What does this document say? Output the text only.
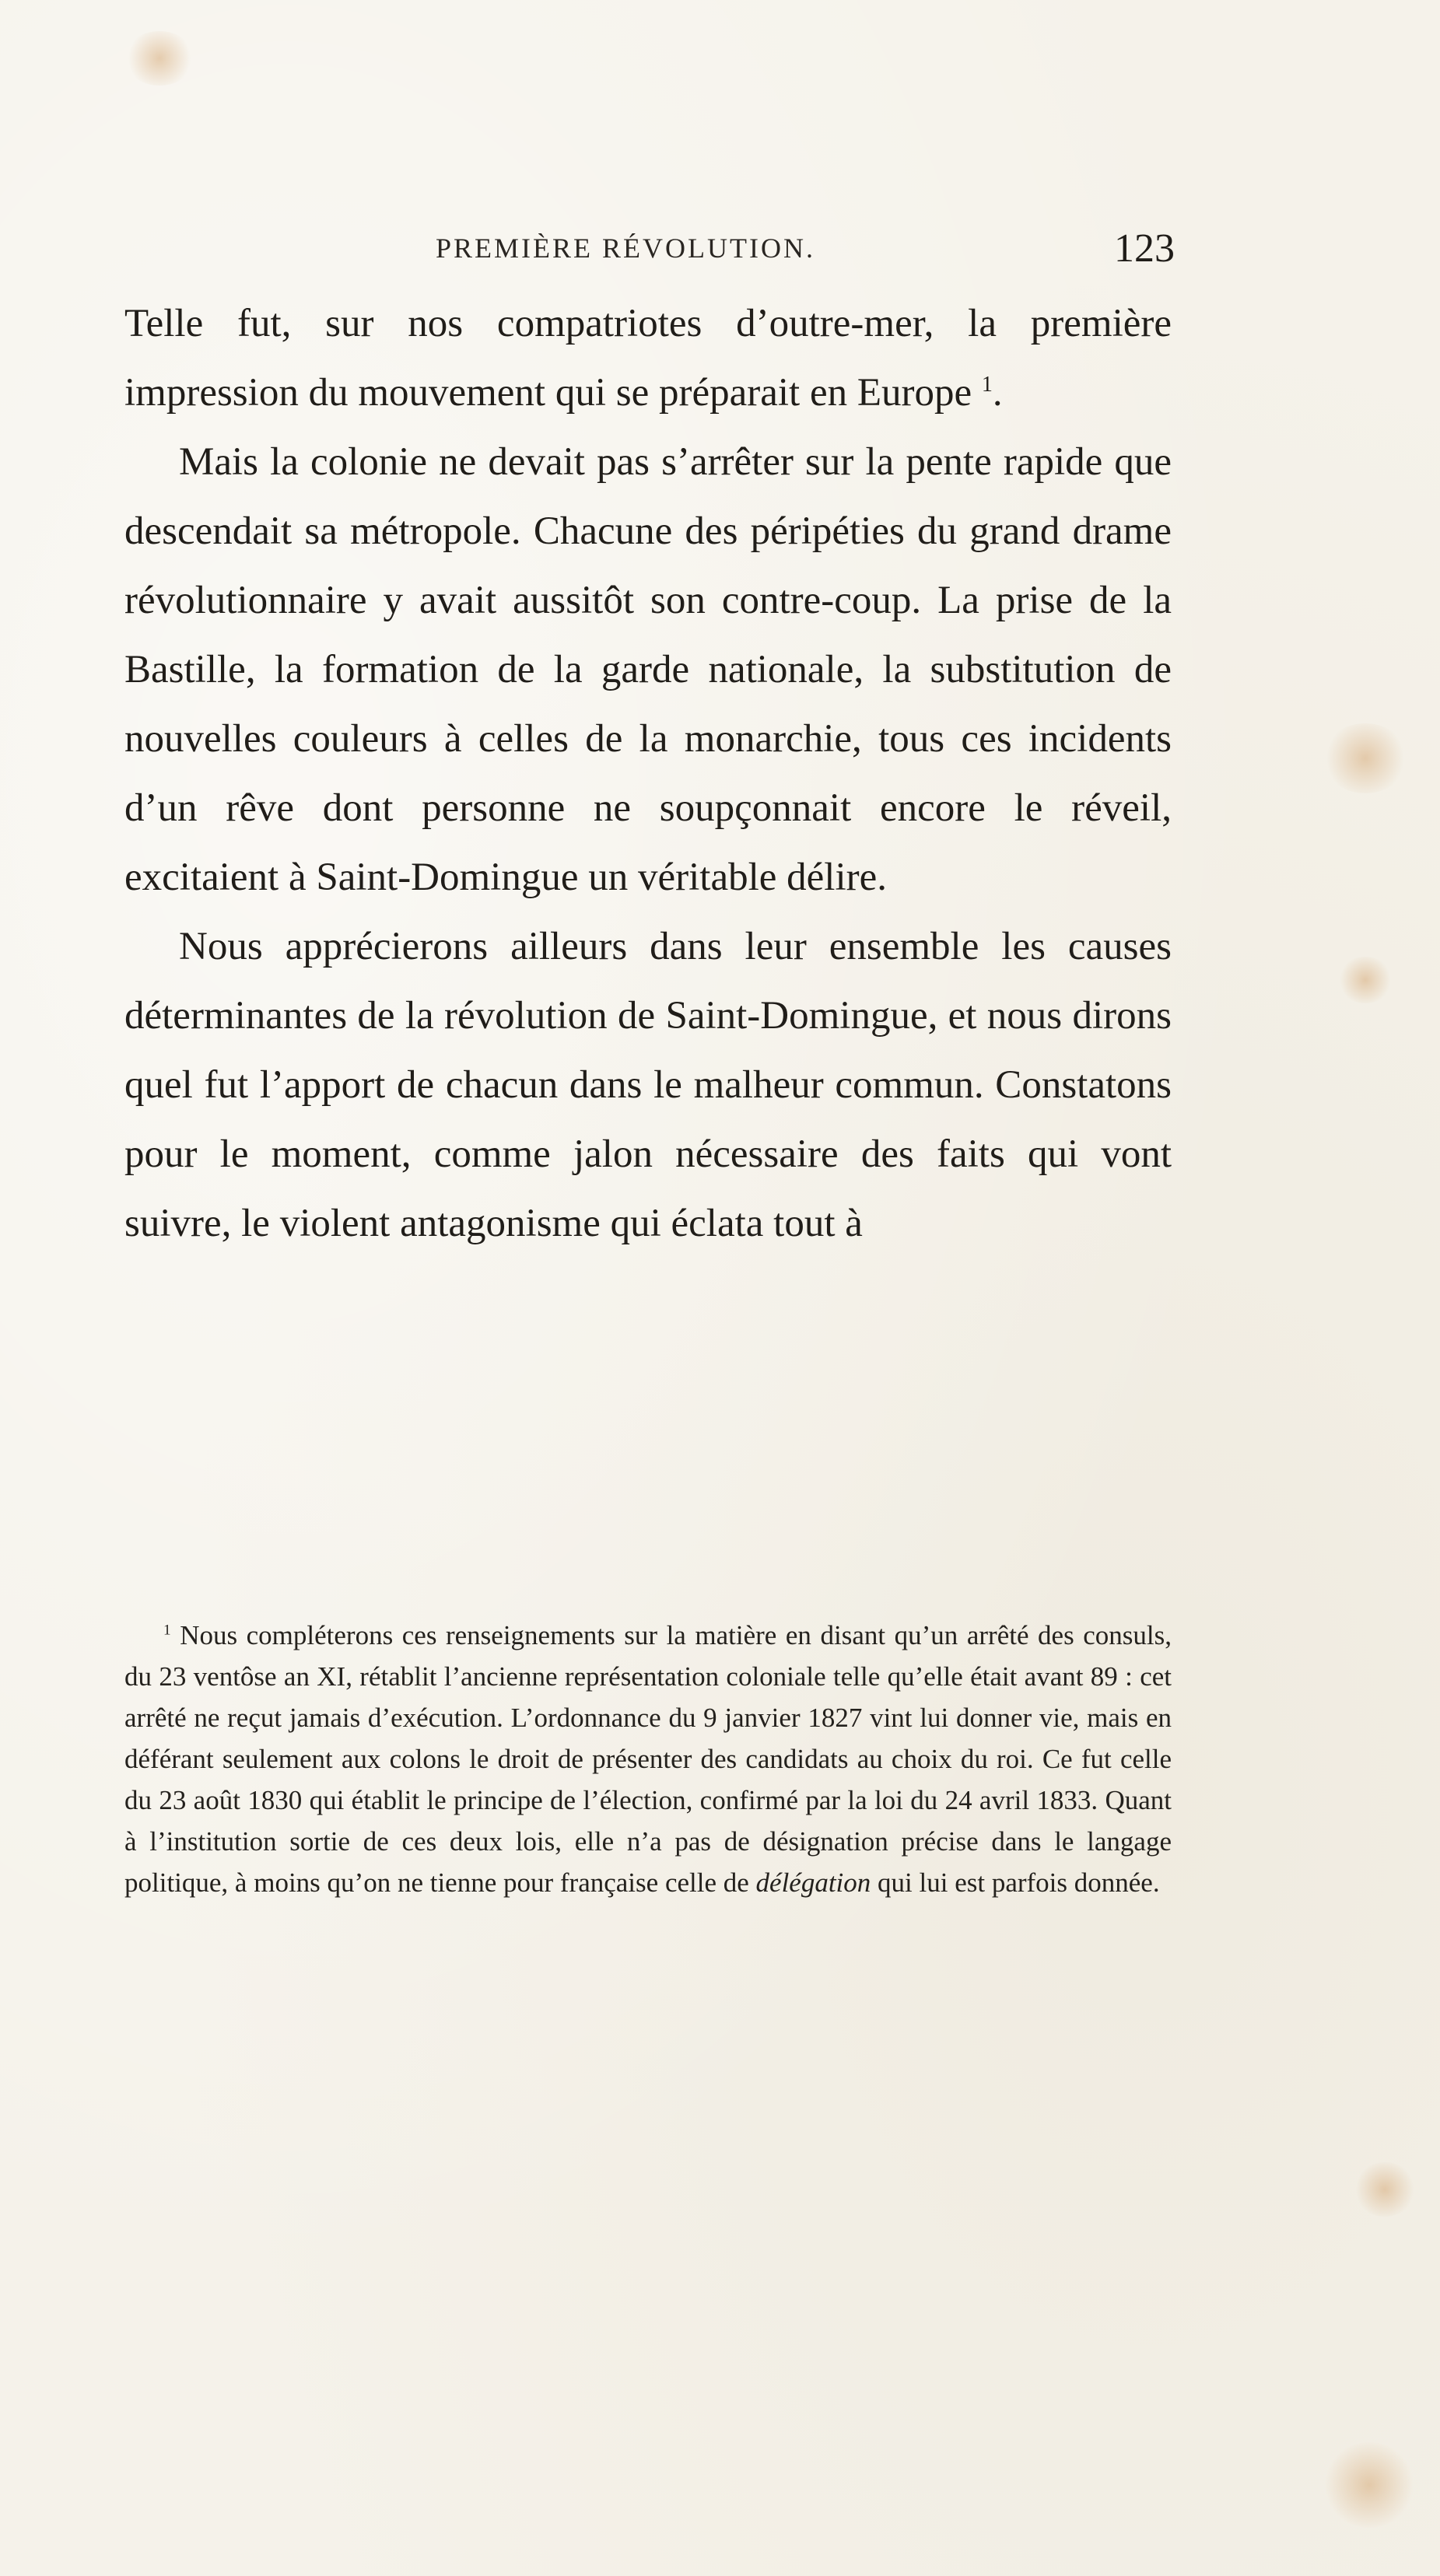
PREMIÈRE RÉVOLUTION.	123

Telle fut, sur nos compatriotes d’outre-mer, la première impression du mouvement qui se préparait en Europe $^1$.

Mais la colonie ne devait pas s’arrêter sur la pente rapide que descendait sa métropole. Chacune des péripéties du grand drame révolutionnaire y avait aussitôt son contre-coup. La prise de la Bastille, la formation de la garde nationale, la substitution de nouvelles couleurs à celles de la monarchie, tous ces incidents d’un rêve dont personne ne soupçonnait encore le réveil, excitaient à Saint-Domingue un véritable délire.

Nous apprécierons ailleurs dans leur ensemble les causes déterminantes de la révolution de Saint-Domingue, et nous dirons quel fut l’apport de chacun dans le malheur commun. Constatons pour le moment, comme jalon nécessaire des faits qui vont suivre, le violent antagonisme qui éclata tout à

$^1$ Nous compléterons ces renseignements sur la matière en disant qu’un arrêté des consuls, du 23 ventôse an XI, rétablit l’ancienne représentation coloniale telle qu’elle était avant 89 : cet arrêté ne reçut jamais d’exécution. L’ordonnance du 9 janvier 1827 vint lui donner vie, mais en déférant seulement aux colons le droit de présenter des candidats au choix du roi. Ce fut celle du 23 août 1830 qui établit le principe de l’élection, confirmé par la loi du 24 avril 1833. Quant à l’institution sortie de ces deux lois, elle n’a pas de désignation précise dans le langage politique, à moins qu’on ne tienne pour française celle de délégation qui lui est parfois donnée.
